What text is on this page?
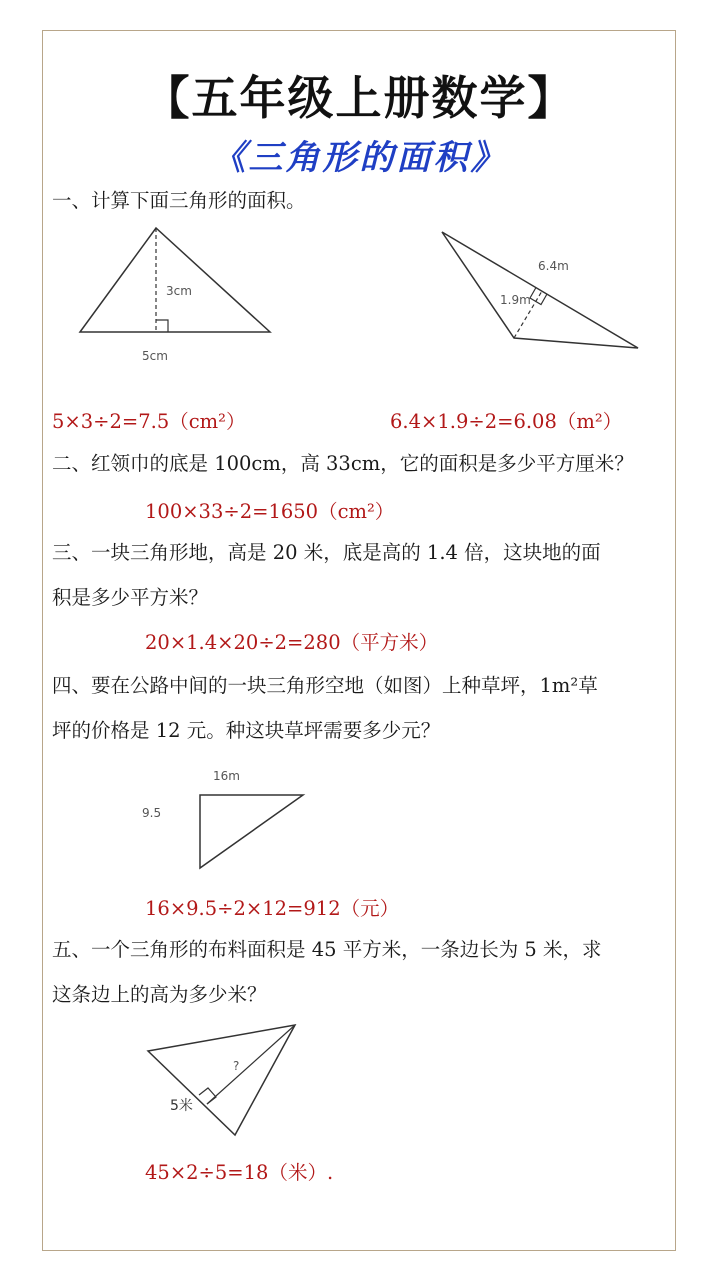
【五年级上册数学】
《三角形的面积》
一、计算下面三角形的面积。
3cm
5cm
6.4m
1.9m
5×3÷2=7.5（cm²）	6.4×1.9÷2=6.08（m²）
二、红领巾的底是 100cm，高 33cm，它的面积是多少平方厘米？
100×33÷2=1650（cm²）
三、一块三角形地，高是 20 米，底是高的 1.4 倍，这块地的面
积是多少平方米？
20×1.4×20÷2=280（平方米）
四、要在公路中间的一块三角形空地（如图）上种草坪，1m²草
坪的价格是 12 元。种这块草坪需要多少元？
16m
9.5
16×9.5÷2×12=912（元）
五、一个三角形的布料面积是 45 平方米，一条边长为 5 米，求
这条边上的高为多少米？
?
5米
45×2÷5=18（米）.
